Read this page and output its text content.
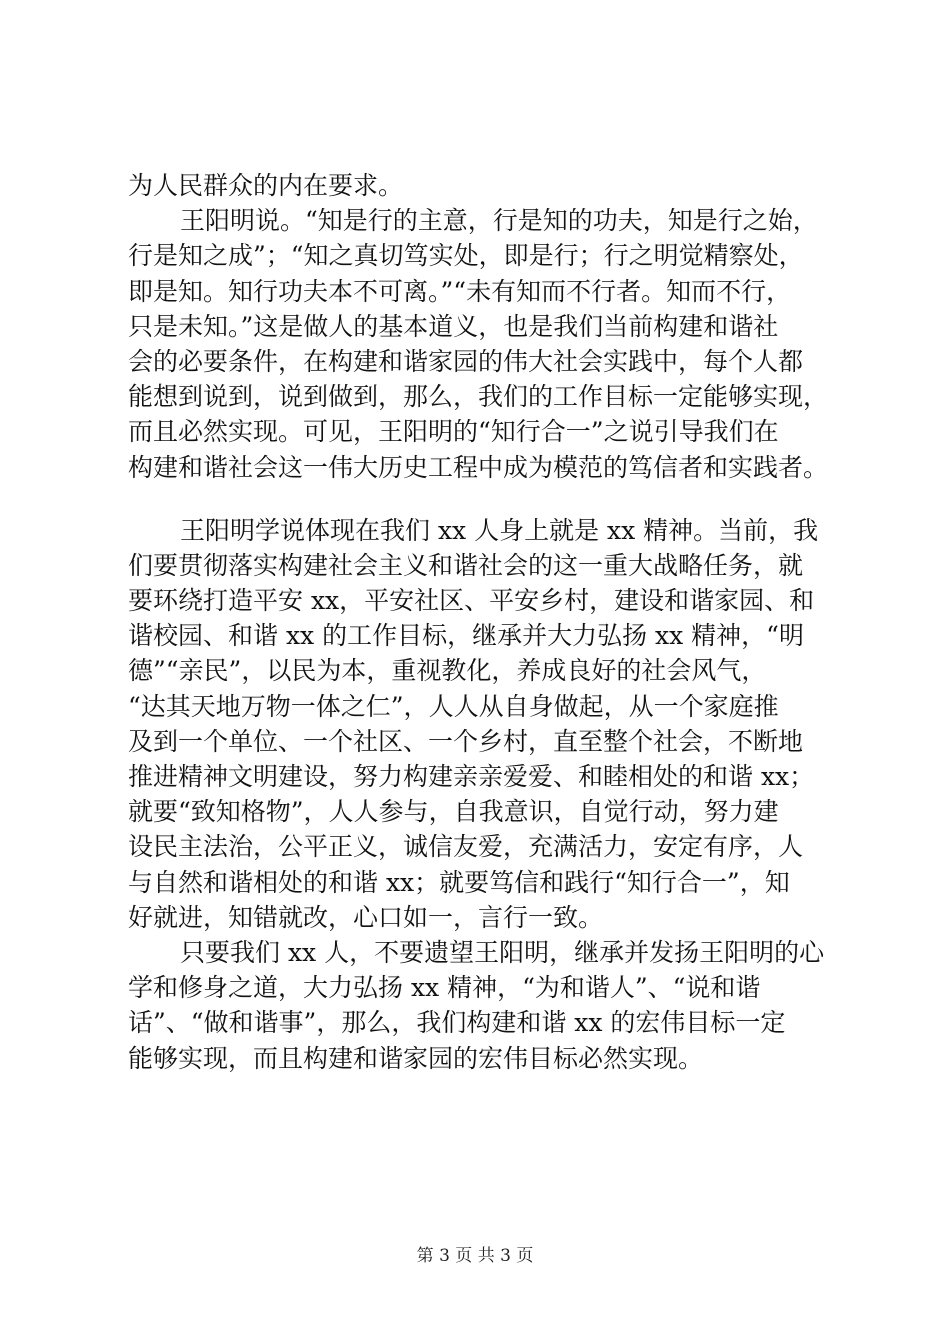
为人民群众的内在要求。
王阳明说。“知是行的主意，行是知的功夫，知是行之始，
行是知之成”；“知之真切笃实处，即是行；行之明觉精察处，
即是知。知行功夫本不可离。”“未有知而不行者。知而不行，
只是未知。”这是做人的基本道义，也是我们当前构建和谐社
会的必要条件，在构建和谐家园的伟大社会实践中，每个人都
能想到说到，说到做到，那么，我们的工作目标一定能够实现，
而且必然实现。可见，王阳明的“知行合一”之说引导我们在
构建和谐社会这一伟大历史工程中成为模范的笃信者和实践者。
王阳明学说体现在我们 xx 人身上就是 xx 精神。当前，我
们要贯彻落实构建社会主义和谐社会的这一重大战略任务，就
要环绕打造平安 xx，平安社区、平安乡村，建设和谐家园、和
谐校园、和谐 xx 的工作目标，继承并大力弘扬 xx 精神，“明
德”“亲民”，以民为本，重视教化，养成良好的社会风气，
“达其天地万物一体之仁”，人人从自身做起，从一个家庭推
及到一个单位、一个社区、一个乡村，直至整个社会，不断地
推进精神文明建设，努力构建亲亲爱爱、和睦相处的和谐 xx；
就要“致知格物”，人人参与，自我意识，自觉行动，努力建
设民主法治，公平正义，诚信友爱，充满活力，安定有序，人
与自然和谐相处的和谐 xx；就要笃信和践行“知行合一”，知
好就进，知错就改，心口如一，言行一致。
只要我们 xx 人，不要遗望王阳明，继承并发扬王阳明的心
学和修身之道，大力弘扬 xx 精神，“为和谐人”、“说和谐
话”、“做和谐事”，那么，我们构建和谐 xx 的宏伟目标一定
能够实现，而且构建和谐家园的宏伟目标必然实现。
第 3 页 共 3 页
